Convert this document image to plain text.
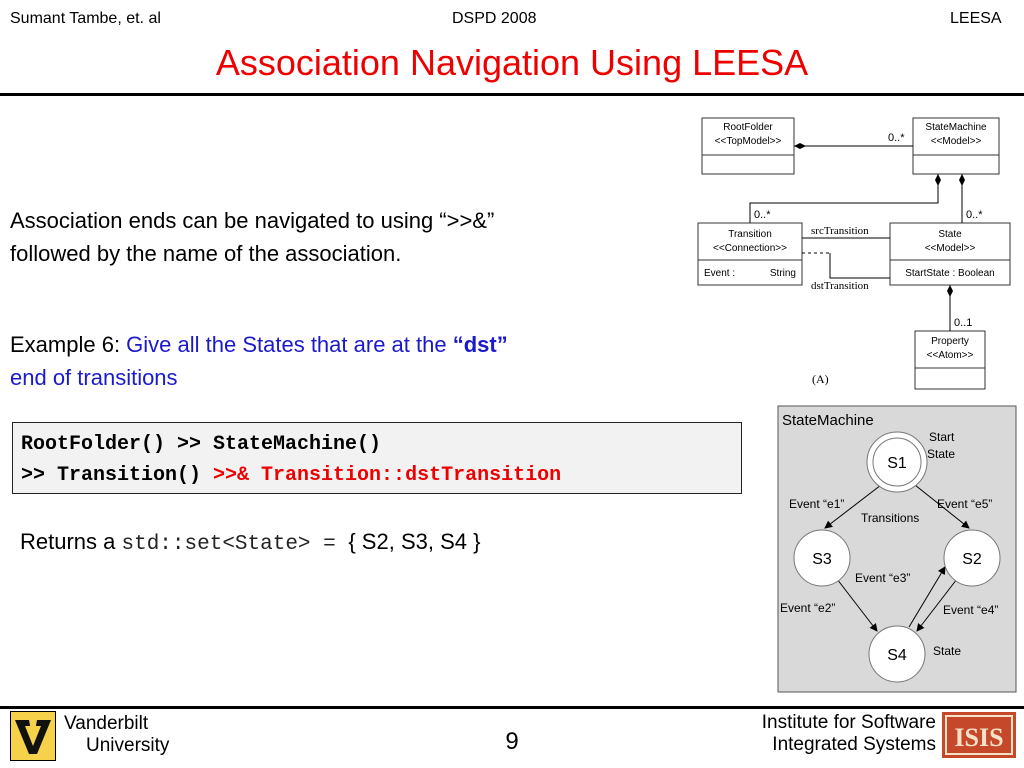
Sumant Tambe, et. al	DSPD 2008	LEESA
Association Navigation Using LEESA
Association ends can be navigated to using “>>&”
followed by the name of the association.
Example 6: Give all the States that are at the “dst”
end of transitions
RootFolder() >> StateMachine()
>> Transition() >>& Transition::dstTransition
Returns a std::set<State> = { S2, S3, S4 }
RootFolder
<<TopModel>>
StateMachine
<<Model>>
Transition
<<Connection>>
Event :	String
State
<<Model>>
StartState : Boolean
Property
<<Atom>>
0..*
0..*	0..*
0..1
srcTransition
dstTransition
(A)
StateMachine
S1
S3	S2
S4
Start
State
Transitions
Event “e1”	Event “e5”
Event “e3”
Event “e2”	Event “e4”
State
Vanderbilt
University	9
Institute for Software
Integrated Systems ISIS
